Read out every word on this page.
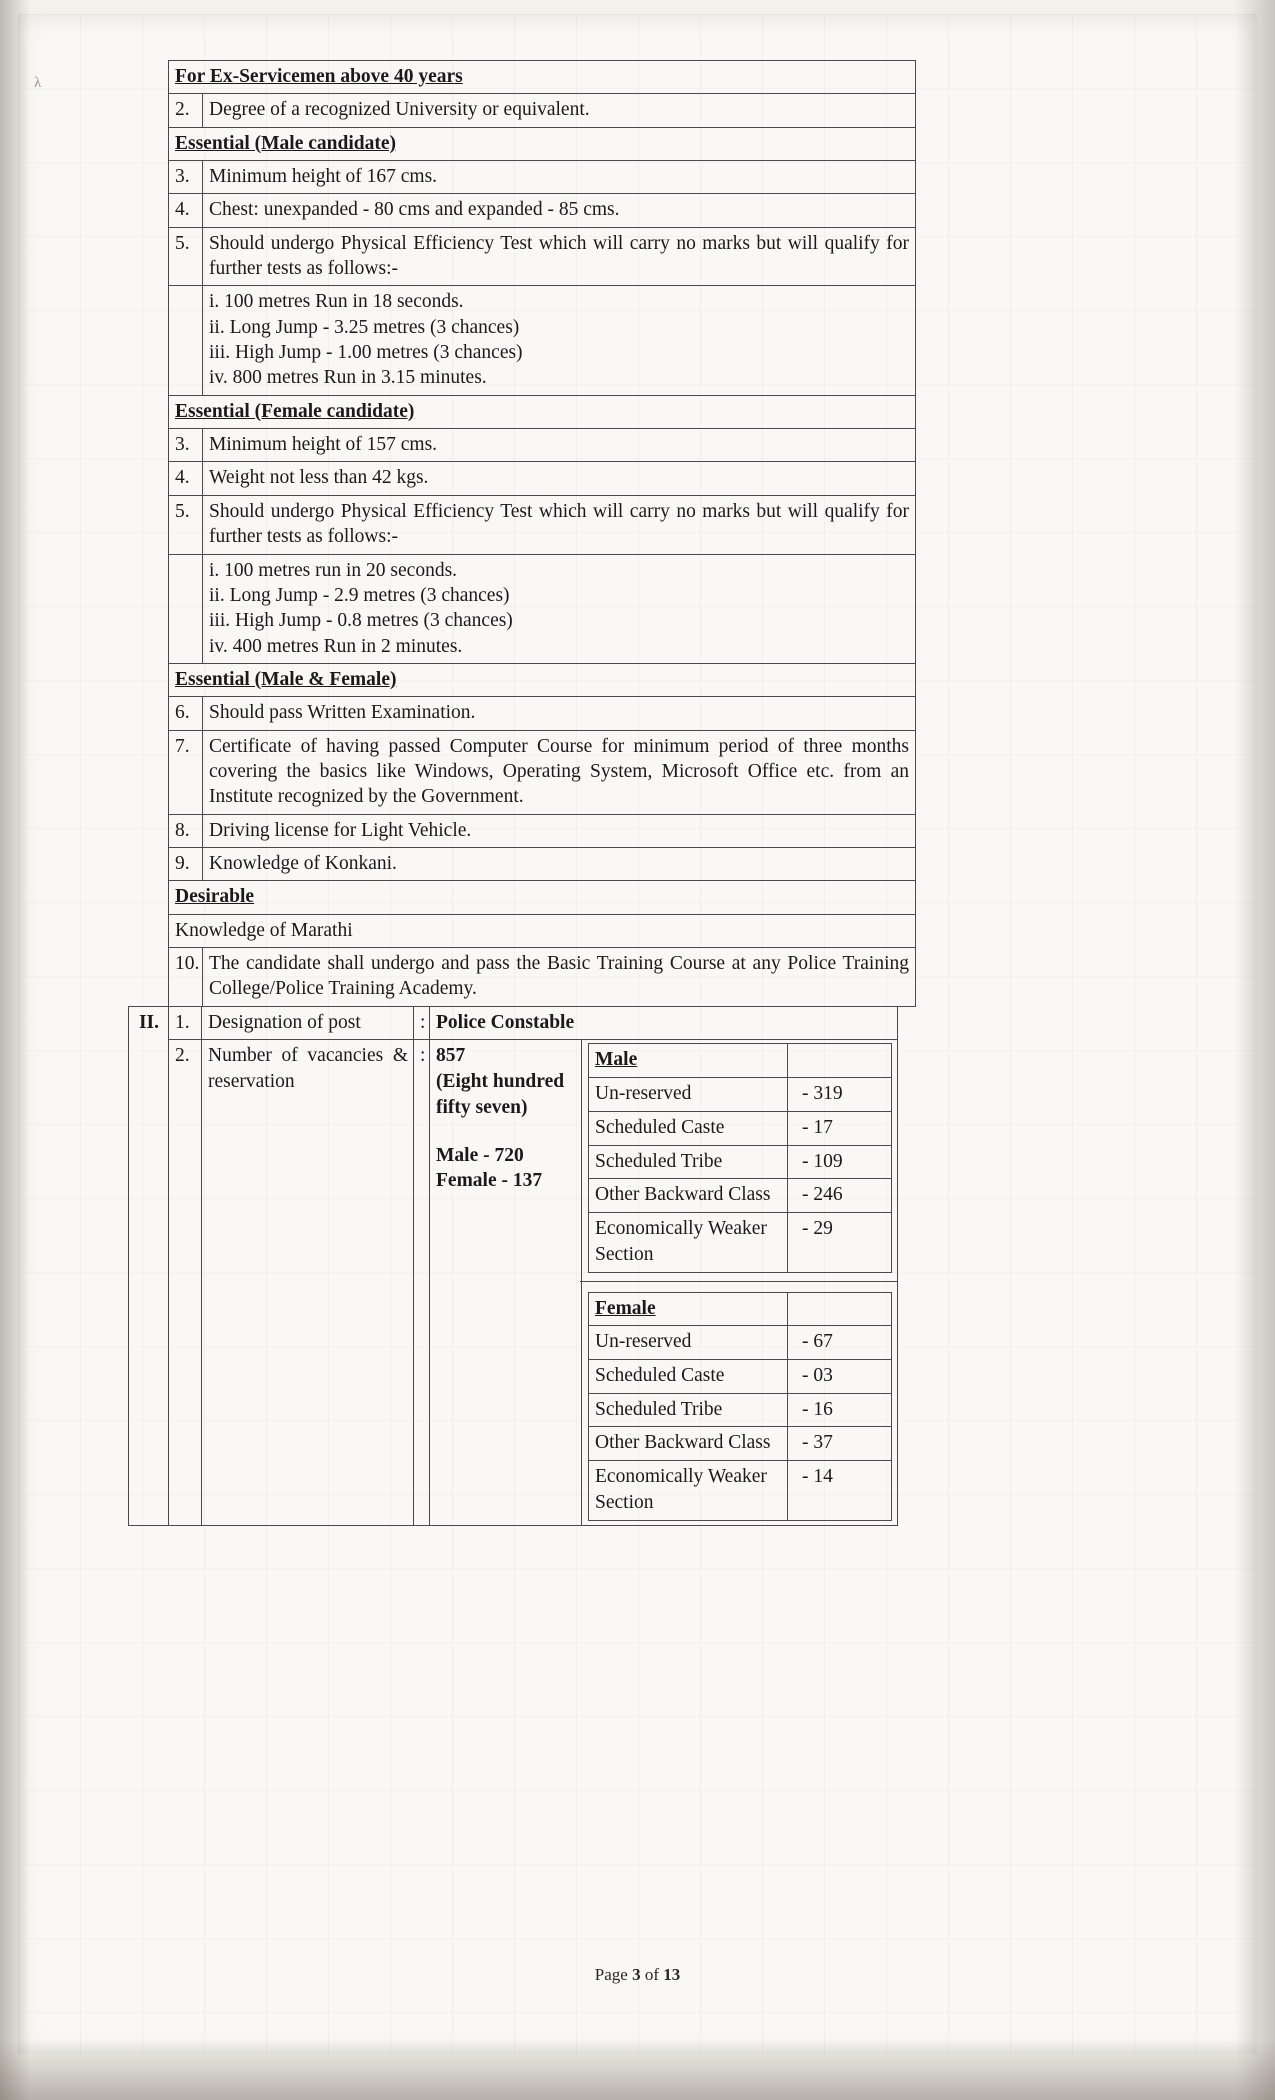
λ	For Ex-Servicemen above 40 years	
2.	Degree of a recognized University or equivalent.
Essential (Male candidate)	
3.	Minimum height of 167 cms.
4.	Chest: unexpanded - 80 cms and expanded - 85 cms.
5.	Should undergo Physical Efficiency Test which will carry no marks but will qualify for further tests as follows:-

	i. 100 metres Run in 18 seconds.
ii. Long Jump - 3.25 metres (3 chances)
iii. High Jump - 1.00 metres (3 chances)
iv. 800 metres Run in 3.15 minutes.

Essential (Female candidate)	
3.	Minimum height of 157 cms.
4.	Weight not less than 42 kgs.
5.	Should undergo Physical Efficiency Test which will carry no marks but will qualify for further tests as follows:-

	i. 100 metres run in 20 seconds.
ii. Long Jump - 2.9 metres (3 chances)
iii. High Jump - 0.8 metres (3 chances)
iv. 400 metres Run in 2 minutes.

Essential (Male & Female)	
6.	Should pass Written Examination.
7.	Certificate of having passed Computer Course for minimum period of three months covering the basics like Windows, Operating System, Microsoft Office etc. from an Institute recognized by the Government.
8.	Driving license for Light Vehicle.
9.	Knowledge of Konkani.
Desirable	
Knowledge of Marathi	
10.	The candidate shall undergo and pass the Basic Training Course at any Police Training College/Police Training Academy.
II.	1.	Designation of post	:	Police Constable
2.	Number of vacancies & reservation	:	857
(Eight hundred fifty seven)
Male - 720
Female - 137

Male	
Un-reserved	- 319
Scheduled Caste	- 17
Scheduled Tribe	- 109
Other Backward Class	- 246
Economically Weaker Section	- 29
Female	
Un-reserved	- 67
Scheduled Caste	- 03
Scheduled Tribe	- 16
Other Backward Class	- 37
Economically Weaker Section	- 14
Page 3 of 13
